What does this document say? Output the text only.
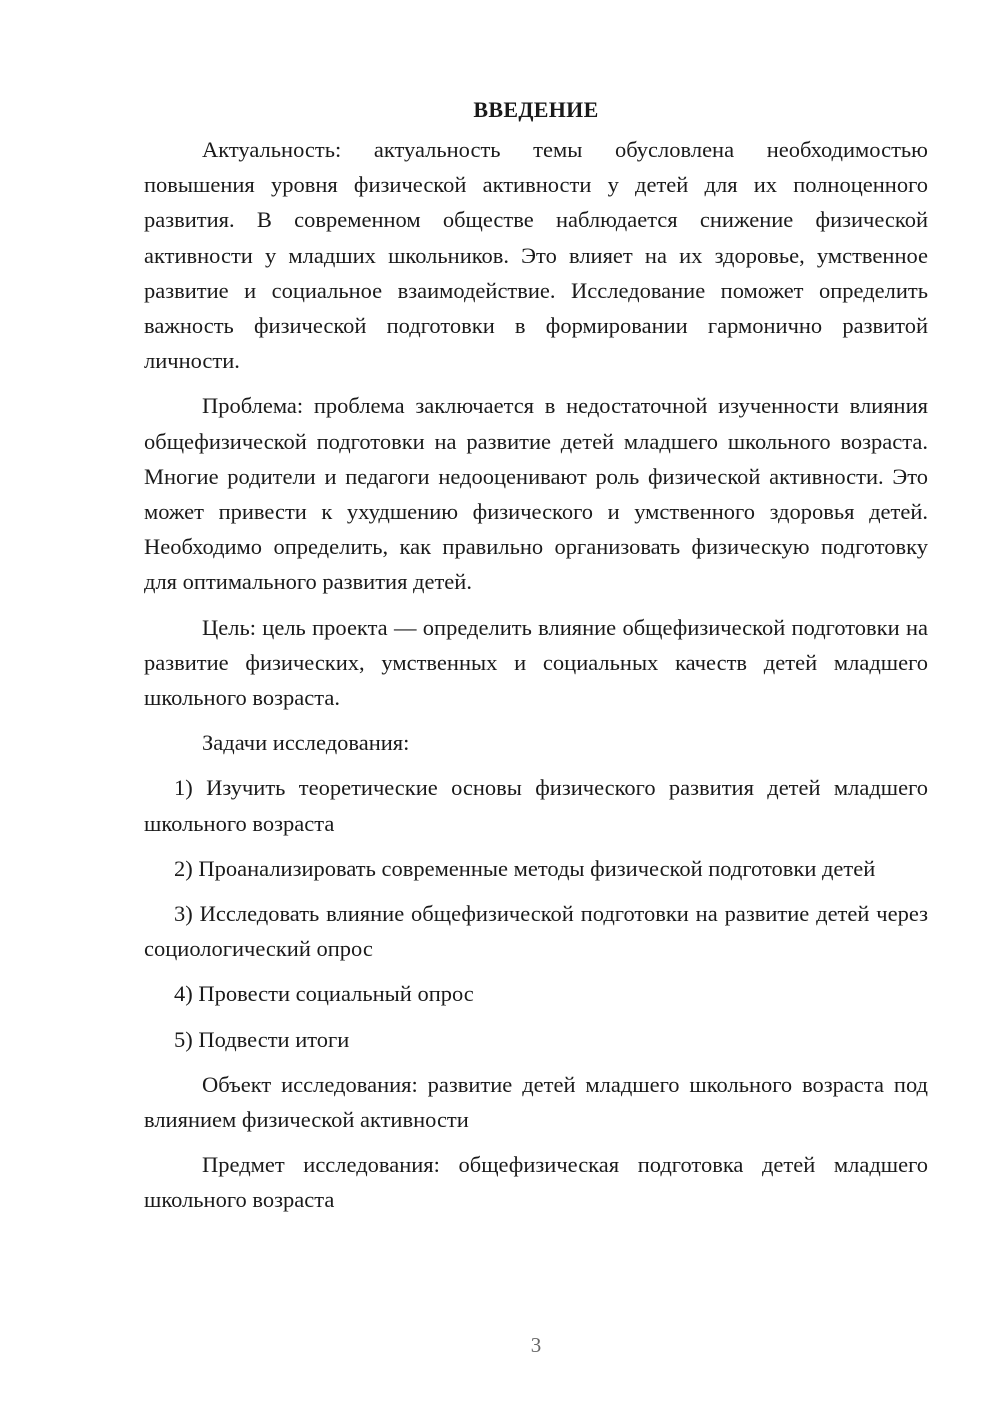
ВВЕДЕНИЕ

Актуальность: актуальность темы обусловлена необходимостью повышения уровня физической активности у детей для их полноценного развития. В современном обществе наблюдается снижение физической активности у младших школьников. Это влияет на их здоровье, умственное развитие и социальное взаимодействие. Исследование поможет определить важность физической подготовки в формировании гармонично развитой личности.

Проблема: проблема заключается в недостаточной изученности влияния общефизической подготовки на развитие детей младшего школьного возраста. Многие родители и педагоги недооценивают роль физической активности. Это может привести к ухудшению физического и умственного здоровья детей. Необходимо определить, как правильно организовать физическую подготовку для оптимального развития детей.

Цель: цель проекта — определить влияние общефизической подготовки на развитие физических, умственных и социальных качеств детей младшего школьного возраста.

Задачи исследования:

1) Изучить теоретические основы физического развития детей младшего школьного возраста

2) Проанализировать современные методы физической подготовки детей

3) Исследовать влияние общефизической подготовки на развитие детей через социологический опрос

4) Провести социальный опрос

5) Подвести итоги

Объект исследования: развитие детей младшего школьного возраста под влиянием физической активности

Предмет исследования: общефизическая подготовка детей младшего школьного возраста

3
